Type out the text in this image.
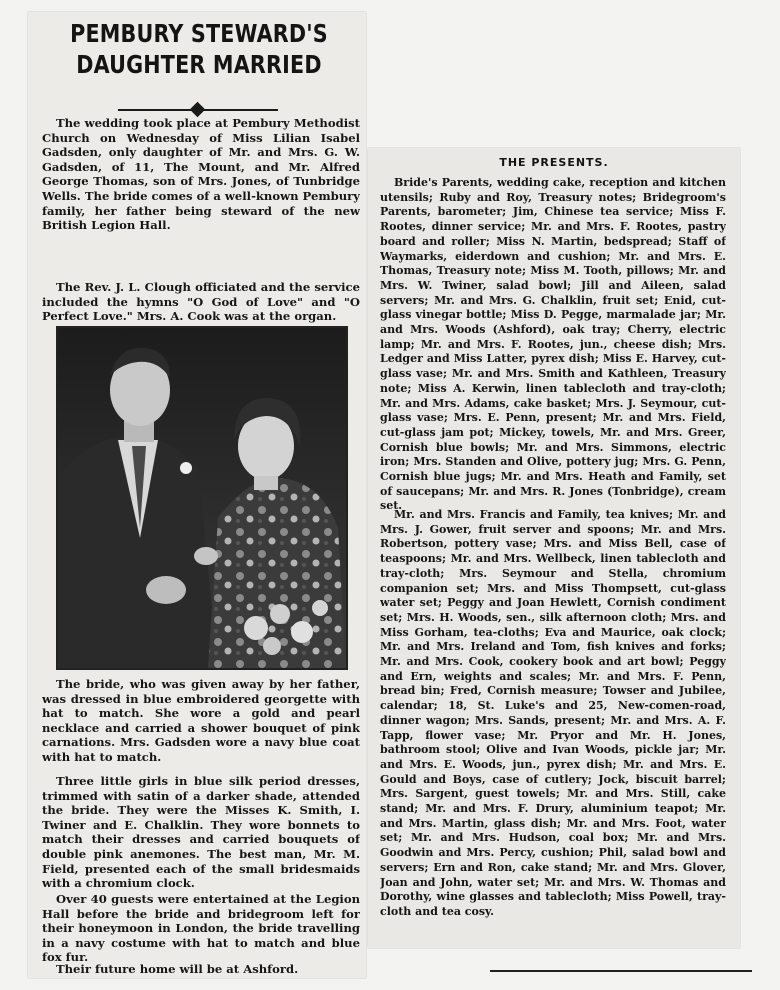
PEMBURY STEWARD'S DAUGHTER MARRIED

The wedding took place at Pembury Methodist Church on Wednesday of Miss Lilian Isabel Gadsden, only daughter of Mr. and Mrs. G. W. Gadsden, of 11, The Mount, and Mr. Alfred George Thomas, son of Mrs. Jones, of Tunbridge Wells. The bride comes of a well-known Pembury family, her father being steward of the new British Legion Hall.

The Rev. J. L. Clough officiated and the service included the hymns "O God of Love" and "O Perfect Love." Mrs. A. Cook was at the organ.

The bride, who was given away by her father, was dressed in blue embroidered georgette with hat to match. She wore a gold and pearl necklace and carried a shower bouquet of pink carnations. Mrs. Gadsden wore a navy blue coat with hat to match.

Three little girls in blue silk period dresses, trimmed with satin of a darker shade, attended the bride. They were the Misses K. Smith, I. Twiner and E. Chalklin. They wore bonnets to match their dresses and carried bouquets of double pink anemones. The best man, Mr. M. Field, presented each of the small bridesmaids with a chromium clock.

Over 40 guests were entertained at the Legion Hall before the bride and bridegroom left for their honeymoon in London, the bride travelling in a navy costume with hat to match and blue fox fur.

Their future home will be at Ashford.

THE PRESENTS.

Bride's Parents, wedding cake, reception and kitchen utensils; Ruby and Roy, Treasury notes; Bridegroom's Parents, barometer; Jim, Chinese tea service; Miss F. Rootes, dinner service; Mr. and Mrs. F. Rootes, pastry board and roller; Miss N. Martin, bedspread; Staff of Waymarks, eiderdown and cushion; Mr. and Mrs. E. Thomas, Treasury note; Miss M. Tooth, pillows; Mr. and Mrs. W. Twiner, salad bowl; Jill and Aileen, salad servers; Mr. and Mrs. G. Chalklin, fruit set; Enid, cut-glass vinegar bottle; Miss D. Pegge, marmalade jar; Mr. and Mrs. Woods (Ashford), oak tray; Cherry, electric lamp; Mr. and Mrs. F. Rootes, jun., cheese dish; Mrs. Ledger and Miss Latter, pyrex dish; Miss E. Harvey, cut-glass vase; Mr. and Mrs. Smith and Kathleen, Treasury note; Miss A. Kerwin, linen tablecloth and tray-cloth; Mr. and Mrs. Adams, cake basket; Mrs. J. Seymour, cut-glass vase; Mrs. E. Penn, present; Mr. and Mrs. Field, cut-glass jam pot; Mickey, towels, Mr. and Mrs. Greer, Cornish blue bowls; Mr. and Mrs. Simmons, electric iron; Mrs. Standen and Olive, pottery jug; Mrs. G. Penn, Cornish blue jugs; Mr. and Mrs. Heath and Family, set of saucepans; Mr. and Mrs. R. Jones (Tonbridge), cream set.

Mr. and Mrs. Francis and Family, tea knives; Mr. and Mrs. J. Gower, fruit server and spoons; Mr. and Mrs. Robertson, pottery vase; Mrs. and Miss Bell, case of teaspoons; Mr. and Mrs. Wellbeck, linen tablecloth and tray-cloth; Mrs. Seymour and Stella, chromium companion set; Mrs. and Miss Thompsett, cut-glass water set; Peggy and Joan Hewlett, Cornish condiment set; Mrs. H. Woods, sen., silk afternoon cloth; Mrs. and Miss Gorham, tea-cloths; Eva and Maurice, oak clock; Mr. and Mrs. Ireland and Tom, fish knives and forks; Mr. and Mrs. Cook, cookery book and art bowl; Peggy and Ern, weights and scales; Mr. and Mrs. F. Penn, bread bin; Fred, Cornish measure; Towser and Jubilee, calendar; 18, St. Luke's and 25, New-comen-road, dinner wagon; Mrs. Sands, present; Mr. and Mrs. A. F. Tapp, flower vase; Mr. Pryor and Mr. H. Jones, bathroom stool; Olive and Ivan Woods, pickle jar; Mr. and Mrs. E. Woods, jun., pyrex dish; Mr. and Mrs. E. Gould and Boys, case of cutlery; Jock, biscuit barrel; Mrs. Sargent, guest towels; Mr. and Mrs. Still, cake stand; Mr. and Mrs. F. Drury, aluminium teapot; Mr. and Mrs. Martin, glass dish; Mr. and Mrs. Foot, water set; Mr. and Mrs. Hudson, coal box; Mr. and Mrs. Goodwin and Mrs. Percy, cushion; Phil, salad bowl and servers; Ern and Ron, cake stand; Mr. and Mrs. Glover, Joan and John, water set; Mr. and Mrs. W. Thomas and Dorothy, wine glasses and tablecloth; Miss Powell, tray-cloth and tea cosy.
